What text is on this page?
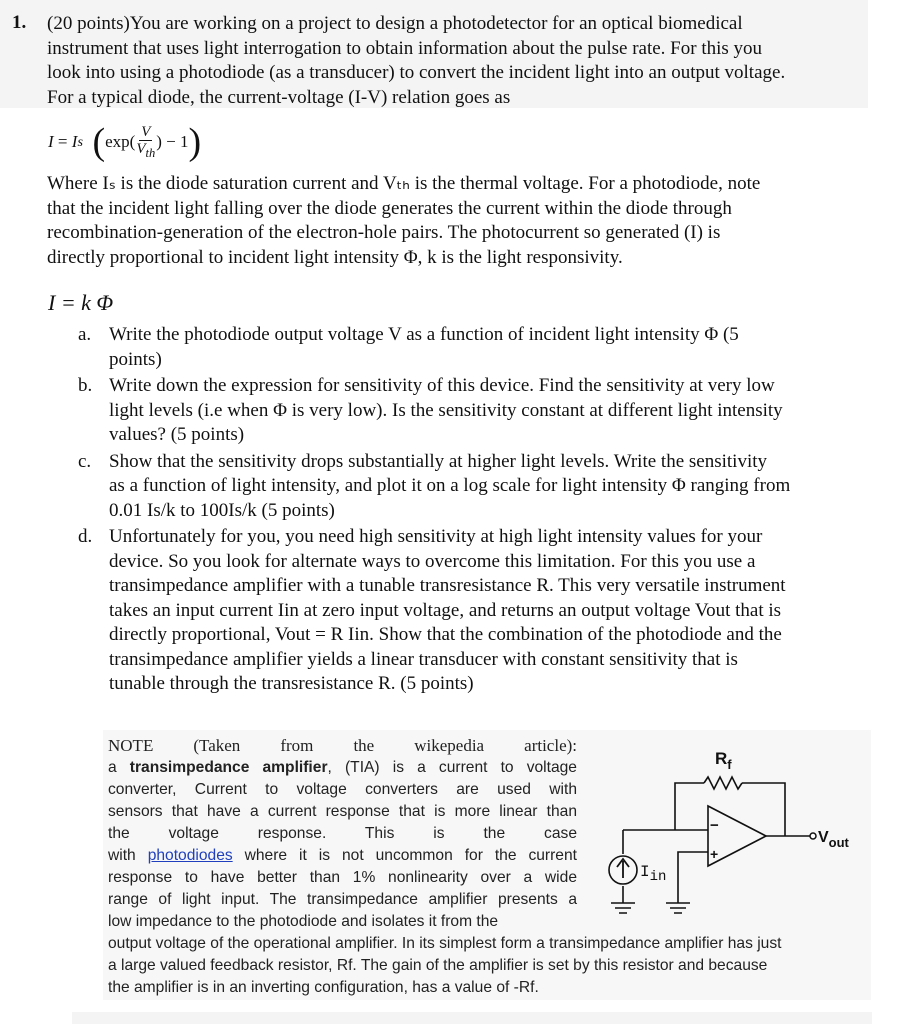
1. (20 points)You are working on a project to design a photodetector for an optical biomedical
instrument that uses light interrogation to obtain information about the pulse rate. For this you
look into using a photodiode (as a transducer) to convert the incident light into an output voltage.
For a typical diode, the current-voltage (I-V) relation goes as
I = I s ( $\exp( \frac{V}{V_{th}}$ ) − 1 )
Where Iₛ is the diode saturation current and Vₜₕ is the thermal voltage. For a photodiode, note
that the incident light falling over the diode generates the current within the diode through
recombination-generation of the electron-hole pairs. The photocurrent so generated (I) is
directly proportional to incident light intensity Φ, k is the light responsivity.
I = k Φ
a. Write the photodiode output voltage V as a function of incident light intensity Φ (5
points)
b. Write down the expression for sensitivity of this device. Find the sensitivity at very low
light levels (i.e when Φ is very low). Is the sensitivity constant at different light intensity
values? (5 points)
c. Show that the sensitivity drops substantially at higher light levels. Write the sensitivity
as a function of light intensity, and plot it on a log scale for light intensity Φ ranging from
0.01 Is/k to 100Is/k (5 points)
d. Unfortunately for you, you need high sensitivity at high light intensity values for your
device. So you look for alternate ways to overcome this limitation. For this you use a
transimpedance amplifier with a tunable transresistance R. This very versatile instrument
takes an input current Iin at zero input voltage, and returns an output voltage Vout that is
directly proportional, Vout = R Iin. Show that the combination of the photodiode and the
transimpedance amplifier yields a linear transducer with constant sensitivity that is
tunable through the transresistance R. (5 points)
NOTE (Taken from the wikepedia article):
a transimpedance amplifier, (TIA) is a current to voltage
converter, Current to voltage converters are used with
sensors that have a current response that is more linear than
the voltage response. This is the case
with photodiodes where it is not uncommon for the current
response to have better than 1% nonlinearity over a wide
range of light input. The transimpedance amplifier presents a
low impedance to the photodiode and isolates it from the
output voltage of the operational amplifier. In its simplest form a transimpedance amplifier has just
a large valued feedback resistor, Rf. The gain of the amplifier is set by this resistor and because
the amplifier is in an inverting configuration, has a value of -Rf.
$R_f$
−
+
$V_{out}$
Iin
